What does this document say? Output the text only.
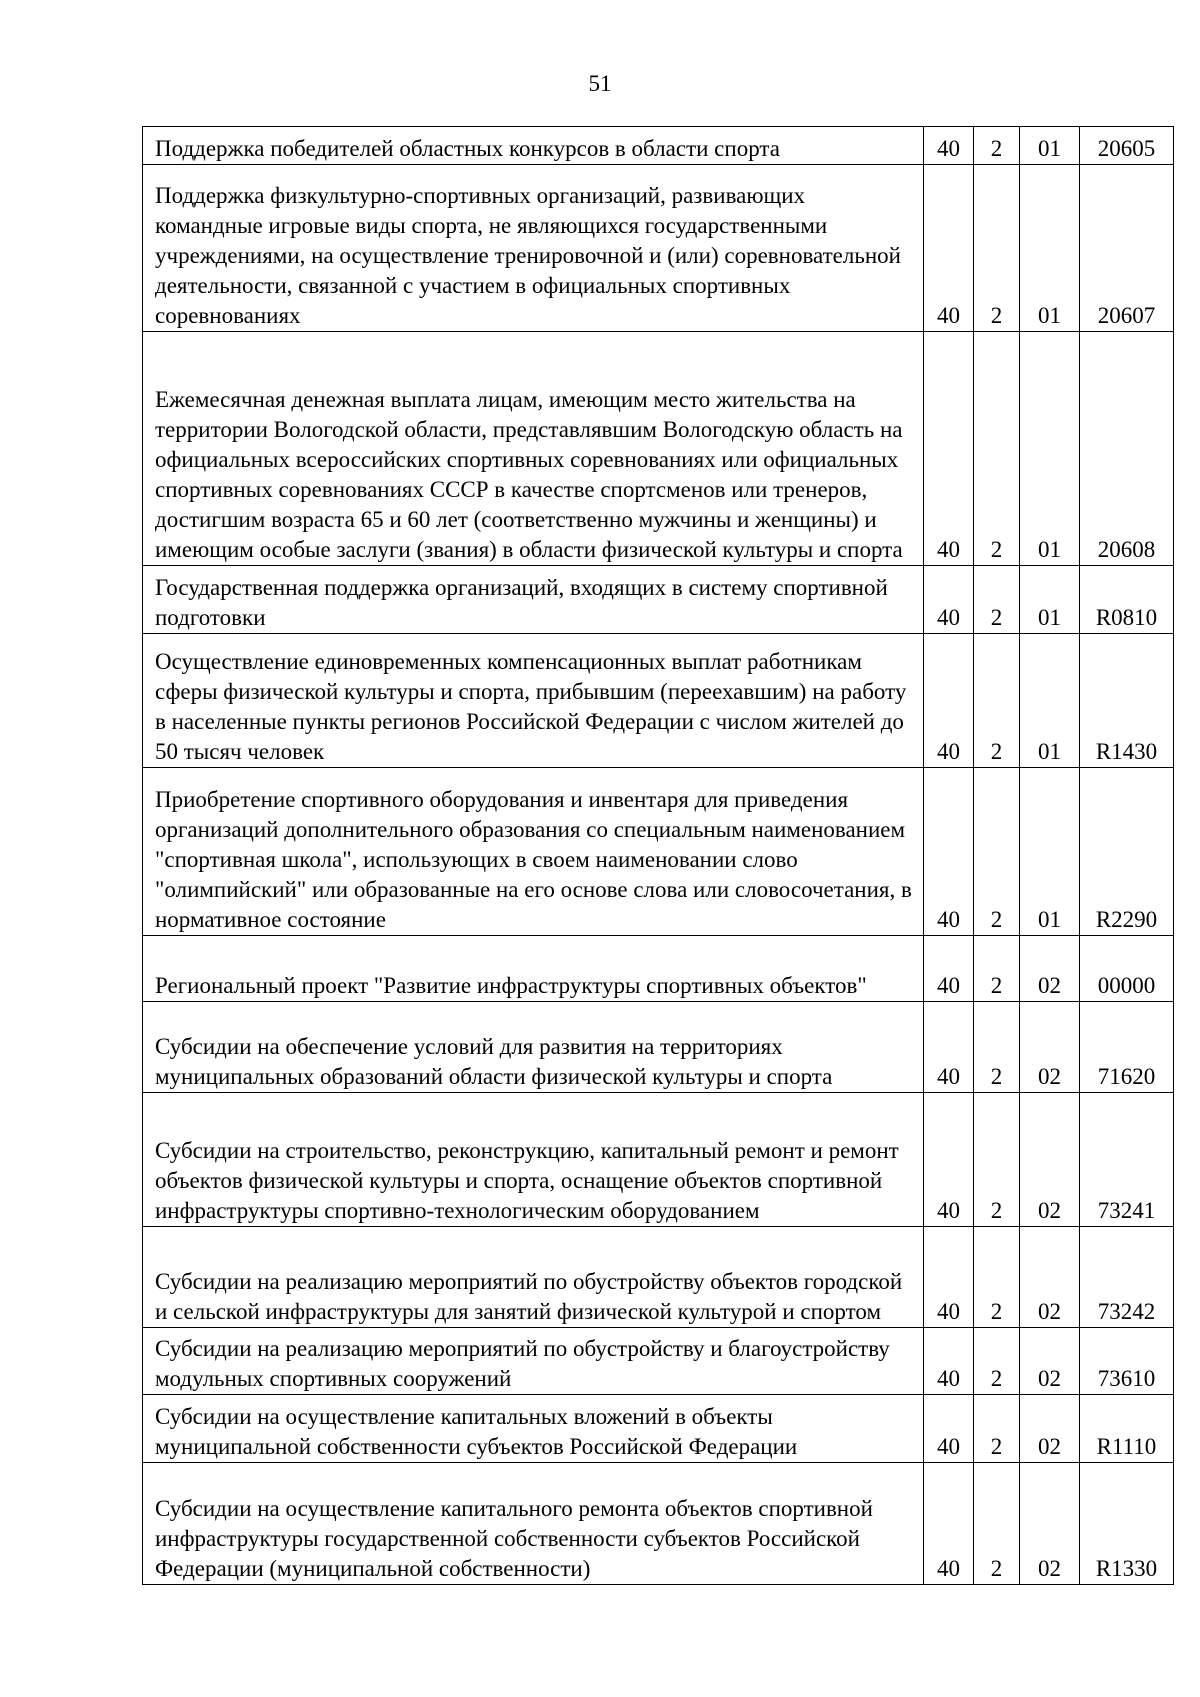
51
Поддержка победителей областных конкурсов в области спорта	40	2	01	20605
Поддержка физкультурно-спортивных организаций, развивающих командные игровые виды спорта, не являющихся государственными учреждениями, на осуществление тренировочной и (или) соревновательной деятельности, связанной с участием в официальных спортивных соревнованиях	40	2	01	20607
Ежемесячная денежная выплата лицам, имеющим место жительства на территории Вологодской области, представлявшим Вологодскую область на официальных всероссийских спортивных соревнованиях или официальных спортивных соревнованиях СССР в качестве спортсменов или тренеров, достигшим возраста 65 и 60 лет (соответственно мужчины и женщины) и имеющим особые заслуги (звания) в области физической культуры и спорта	40	2	01	20608
Государственная поддержка организаций, входящих в систему спортивной подготовки	40	2	01	R0810
Осуществление единовременных компенсационных выплат работникам сферы физической культуры и спорта, прибывшим (переехавшим) на работу в населенные пункты регионов Российской Федерации с числом жителей до 50 тысяч человек	40	2	01	R1430
Приобретение спортивного оборудования и инвентаря для приведения организаций дополнительного образования со специальным наименованием "спортивная школа", использующих в своем наименовании слово "олимпийский" или образованные на его основе слова или словосочетания, в нормативное состояние	40	2	01	R2290
Региональный проект "Развитие инфраструктуры спортивных объектов"	40	2	02	00000
Субсидии на обеспечение условий для развития на территориях муниципальных образований области физической культуры и спорта	40	2	02	71620
Субсидии на строительство, реконструкцию, капитальный ремонт и ремонт объектов физической культуры и спорта, оснащение объектов спортивной инфраструктуры спортивно-технологическим оборудованием	40	2	02	73241
Субсидии на реализацию мероприятий по обустройству объектов городской и сельской инфраструктуры для занятий физической культурой и спортом	40	2	02	73242
Субсидии на реализацию мероприятий по обустройству и благоустройству модульных спортивных сооружений	40	2	02	73610
Субсидии на осуществление капитальных вложений в объекты муниципальной собственности субъектов Российской Федерации	40	2	02	R1110
Субсидии на осуществление капитального ремонта объектов спортивной инфраструктуры государственной собственности субъектов Российской Федерации (муниципальной собственности)	40	2	02	R1330
